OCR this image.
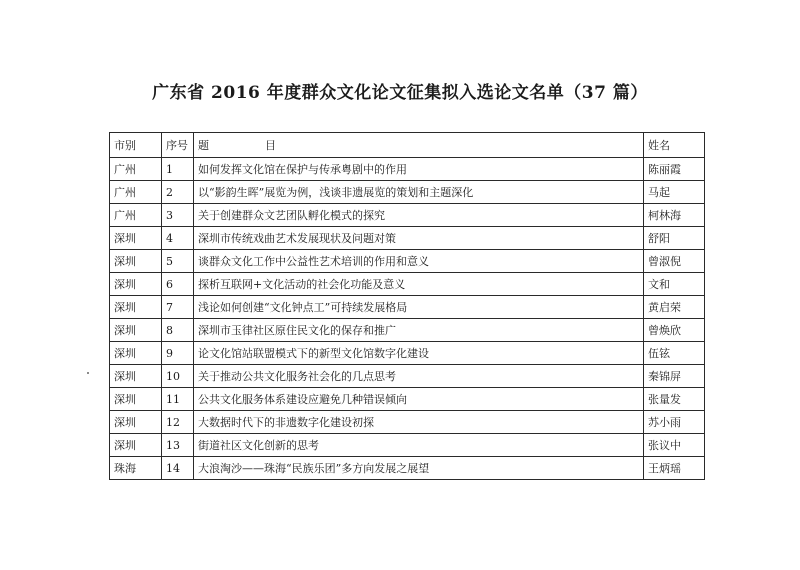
广东省 2016 年度群众文化论文征集拟入选论文名单（37 篇）
市别	序号	题 目	姓名
广州	1	如何发挥文化馆在保护与传承粤剧中的作用	陈丽霞
广州	2	以“影韵生晖”展览为例，浅谈非遗展览的策划和主题深化	马起
广州	3	关于创建群众文艺团队孵化模式的探究	柯林海
深圳	4	深圳市传统戏曲艺术发展现状及问题对策	舒阳
深圳	5	谈群众文化工作中公益性艺术培训的作用和意义	曾淑倪
深圳	6	探析互联网+文化活动的社会化功能及意义	文和
深圳	7	浅论如何创建“文化钟点工”可持续发展格局	黄启荣
深圳	8	深圳市玉律社区原住民文化的保存和推广	曾焕欣
深圳	9	论文化馆站联盟模式下的新型文化馆数字化建设	伍铉
深圳	10	关于推动公共文化服务社会化的几点思考	秦锦屏
深圳	11	公共文化服务体系建设应避免几种错误倾向	张量发
深圳	12	大数据时代下的非遗数字化建设初探	苏小雨
深圳	13	街道社区文化创新的思考	张议中
珠海	14	大浪淘沙——珠海“民族乐团”多方向发展之展望	王炳瑶
